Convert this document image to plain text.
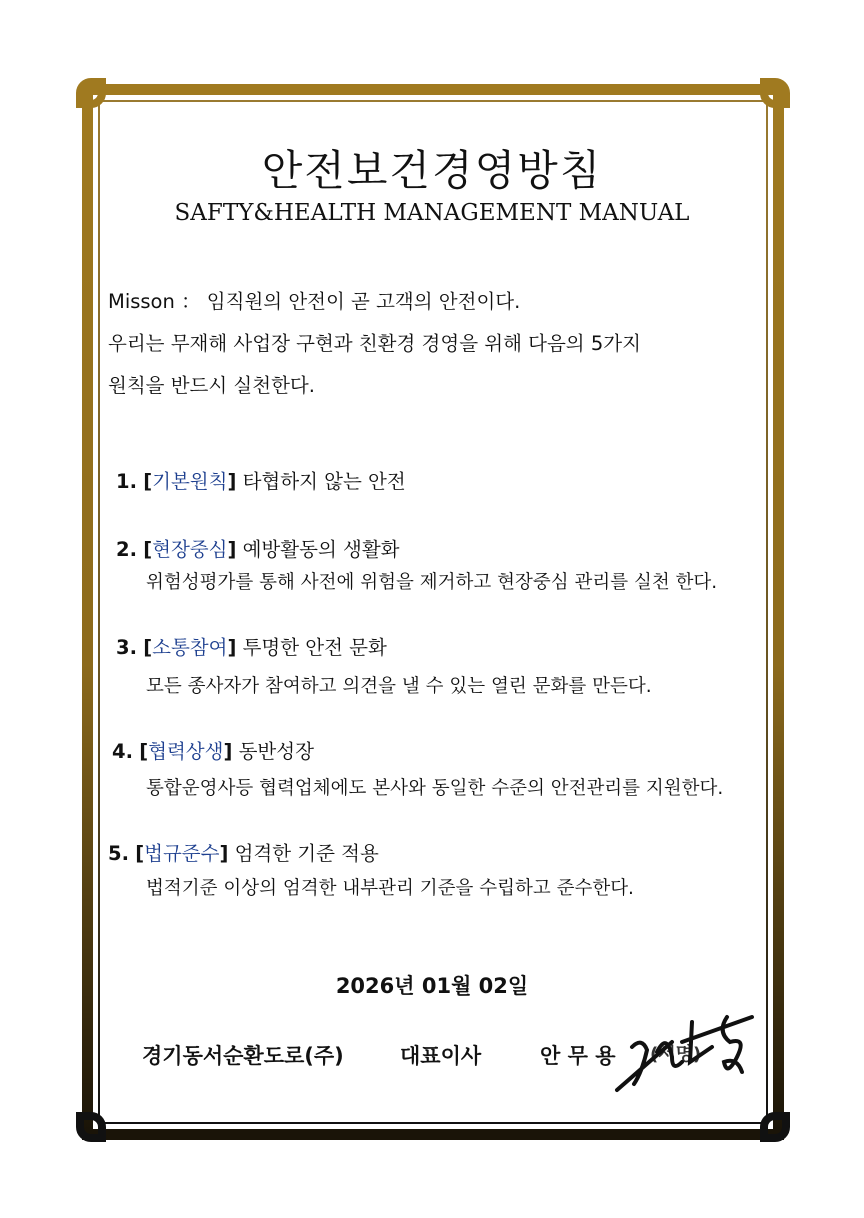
안전보건경영방침
SAFTY&HEALTH MANAGEMENT MANUAL
Misson ： 임직원의 안전이 곧 고객의 안전이다.
우리는 무재해 사업장 구현과 친환경 경영을 위해 다음의 5가지
원칙을 반드시 실천한다.
1. [기본원칙] 타협하지 않는 안전
2. [현장중심] 예방활동의 생활화
위험성평가를 통해 사전에 위험을 제거하고 현장중심 관리를 실천 한다.
3. [소통참여] 투명한 안전 문화
모든 종사자가 참여하고 의견을 낼 수 있는 열린 문화를 만든다.
4. [협력상생] 동반성장
통합운영사등 협력업체에도 본사와 동일한 수준의 안전관리를 지원한다.
5. [법규준수] 엄격한 기준 적용
법적기준 이상의 엄격한 내부관리 기준을 수립하고 준수한다.
2026년 01월 02일
경기동서순환도로(주)	대표이사	안 무 용 (서명)
